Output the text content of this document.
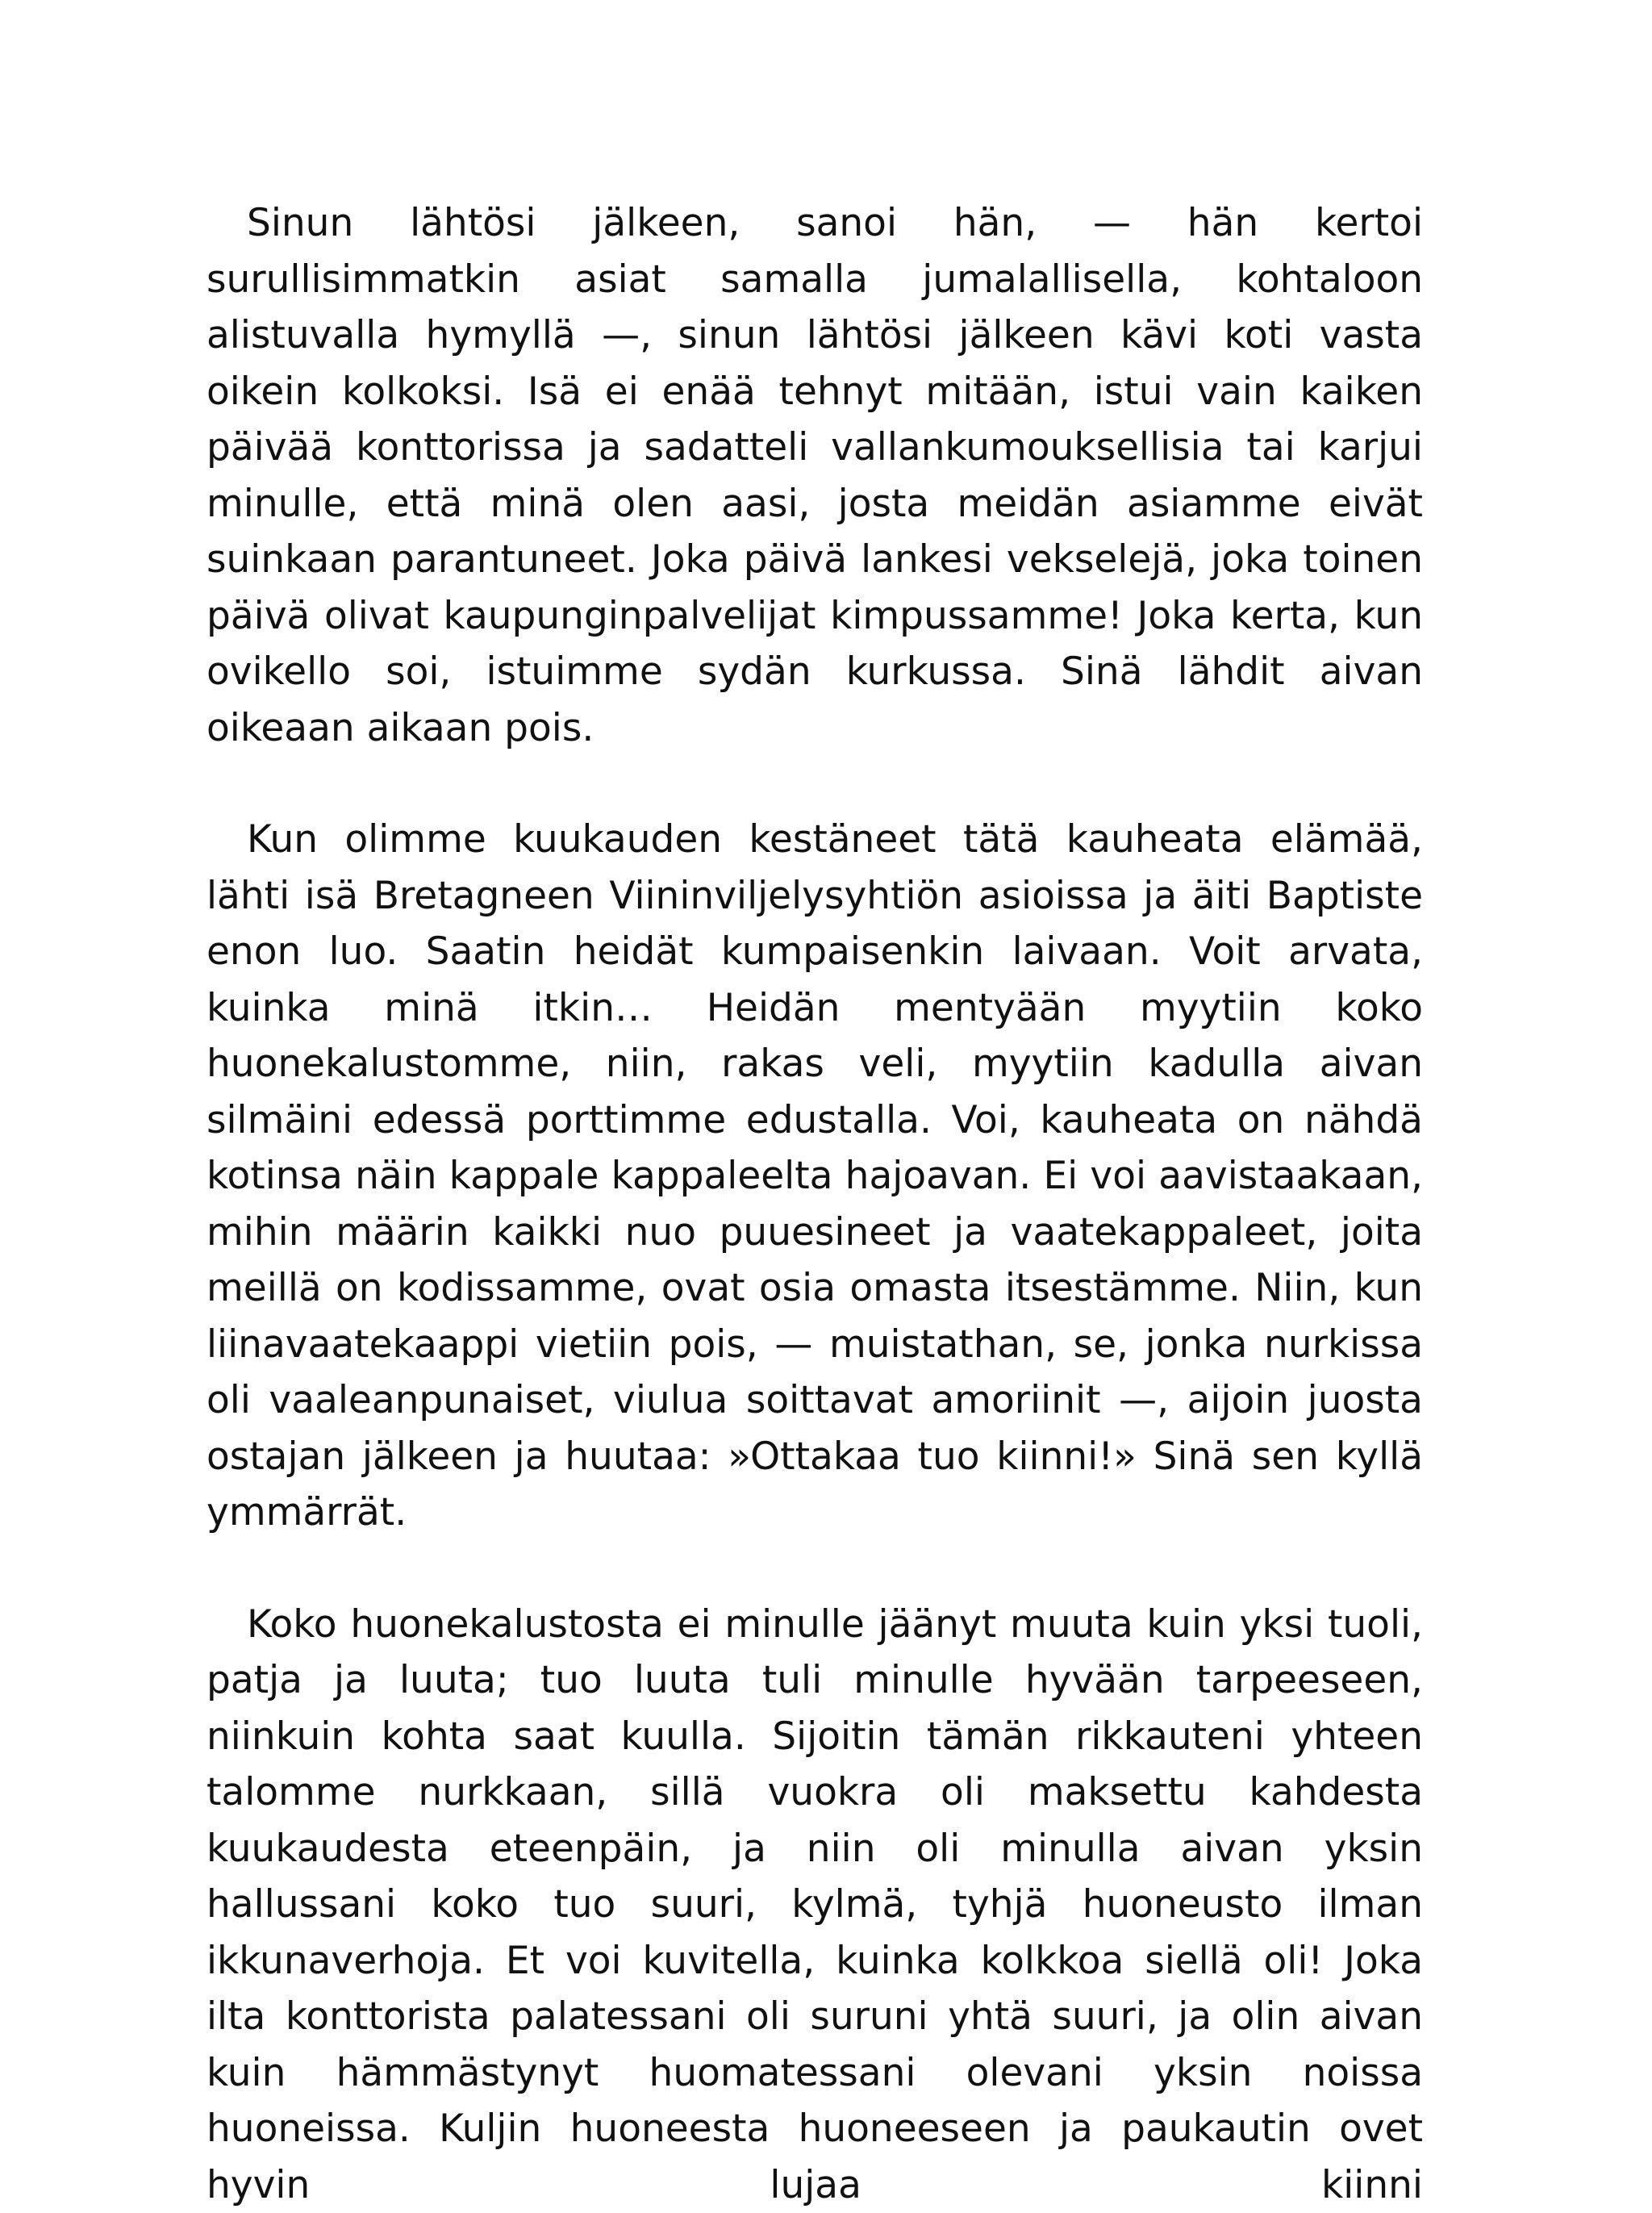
Sinun lähtösi jälkeen, sanoi hän, — hän kertoi surullisimmatkin asiat samalla jumalallisella, kohtaloon alistuvalla hymyllä —, sinun lähtösi jälkeen kävi koti vasta oikein kolkoksi. Isä ei enää tehnyt mitään, istui vain kaiken päivää konttorissa ja sadatteli vallankumouksellisia tai karjui minulle, että minä olen aasi, josta meidän asiamme eivät suinkaan parantuneet. Joka päivä lankesi vekselejä, joka toinen päivä olivat kaupunginpalvelijat kimpussamme! Joka kerta, kun ovikello soi, istuimme sydän kurkussa. Sinä lähdit aivan oikeaan aikaan pois.

Kun olimme kuukauden kestäneet tätä kauheata elämää, lähti isä Bretagneen Viininviljelysyhtiön asioissa ja äiti Baptiste enon luo. Saatin heidät kumpaisenkin laivaan. Voit arvata, kuinka minä itkin… Heidän mentyään myytiin koko huonekalustomme, niin, rakas veli, myytiin kadulla aivan silmäini edessä porttimme edustalla. Voi, kauheata on nähdä kotinsa näin kappale kappaleelta hajoavan. Ei voi aavistaakaan, mihin määrin kaikki nuo puuesineet ja vaatekappaleet, joita meillä on kodissamme, ovat osia omasta itsestämme. Niin, kun liinavaatekaappi vietiin pois, — muistathan, se, jonka nurkissa oli vaaleanpunaiset, viulua soittavat amoriinit —, aijoin juosta ostajan jälkeen ja huutaa: »Ottakaa tuo kiinni!» Sinä sen kyllä ymmärrät.

Koko huonekalustosta ei minulle jäänyt muuta kuin yksi tuoli, patja ja luuta; tuo luuta tuli minulle hyvään tarpeeseen, niinkuin kohta saat kuulla. Sijoitin tämän rikkauteni yhteen talomme nurkkaan, sillä vuokra oli maksettu kahdesta kuukaudesta eteenpäin, ja niin oli minulla aivan yksin hallussani koko tuo suuri, kylmä, tyhjä huoneusto ilman ikkunaverhoja. Et voi kuvitella, kuinka kolkkoa siellä oli! Joka ilta konttorista palatessani oli suruni yhtä suuri, ja olin aivan kuin hämmästynyt huomatessani olevani yksin noissa huoneissa. Kuljin huoneesta huoneeseen ja paukautin ovet hyvin lujaa kiinni
